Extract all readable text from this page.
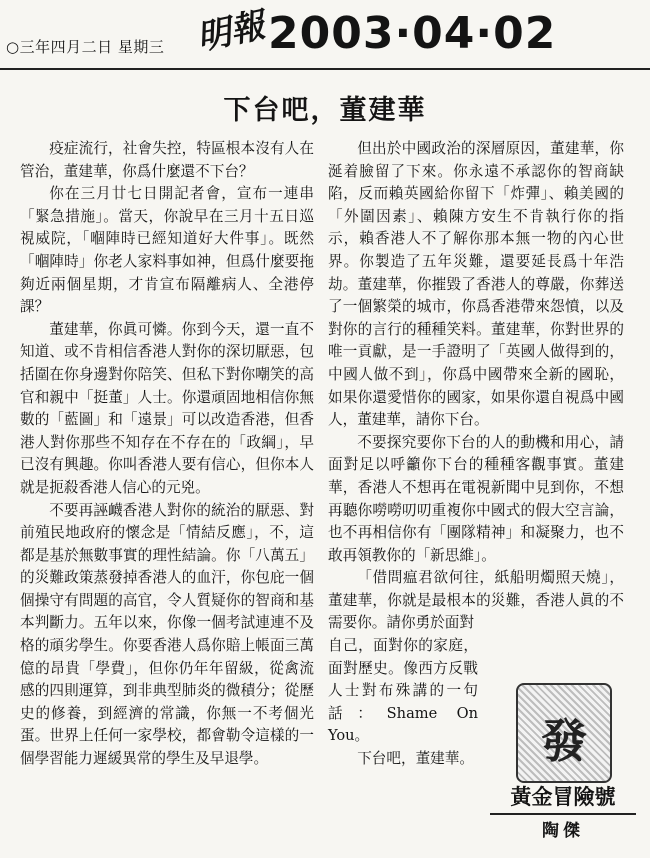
○三年四月二日 星期三 明報 2003·04·02
下台吧，董建華

疫症流行，社會失控，特區根本沒有人在管治，董建華，你爲什麼還不下台？

你在三月廿七日開記者會，宣布一連串「緊急措施」。當天，你說早在三月十五日巡視威院，「嗰陣時已經知道好大件事」。既然「嗰陣時」你老人家料事如神，但爲什麼要拖夠近兩個星期，才肯宣布隔離病人、全港停課？

董建華，你眞可憐。你到今天，還一直不知道、或不肯相信香港人對你的深切厭惡，包括圍在你身邊對你陪笑、但私下對你嘲笑的高官和親中「挺董」人士。你還頑固地相信你無數的「藍圖」和「遠景」可以改造香港，但香港人對你那些不知存在不存在的「政綱」，早已沒有興趣。你叫香港人要有信心，但你本人就是扼殺香港人信心的元兇。

不要再誣衊香港人對你的統治的厭惡、對前殖民地政府的懷念是「情結反應」，不，這都是基於無數事實的理性結論。你「八萬五」的災難政策蒸發掉香港人的血汗，你包庇一個個操守有問題的高官，令人質疑你的智商和基本判斷力。五年以來，你像一個考試連連不及格的頑劣學生。你要香港人爲你賠上帳面三萬億的昂貴「學費」，但你仍年年留級，從禽流感的四則運算，到非典型肺炎的微積分；從歷史的修養，到經濟的常識，你無一不考個光蛋。世界上任何一家學校，都會勒令這樣的一個學習能力遲緩異常的學生及早退學。

但出於中國政治的深層原因，董建華，你涎着臉留了下來。你永遠不承認你的智商缺陷，反而賴英國給你留下「炸彈」、賴美國的「外圍因素」、賴陳方安生不肯執行你的指示，賴香港人不了解你那本無一物的內心世界。你製造了五年災難，還要延長爲十年浩劫。董建華，你摧毀了香港人的尊嚴，你葬送了一個繁榮的城市，你爲香港帶來怨憤，以及對你的言行的種種笑料。董建華，你對世界的唯一貢獻，是一手證明了「英國人做得到的，中國人做不到」，你爲中國帶來全新的國恥，如果你還愛惜你的國家，如果你還自視爲中國人，董建華，請你下台。

不要探究要你下台的人的動機和用心，請面對足以呼籲你下台的種種客觀事實。董建華，香港人不想再在電視新聞中見到你，不想再聽你嘮嘮叨叨重複你中國式的假大空言論，也不再相信你有「團隊精神」和凝聚力，也不敢再領教你的「新思維」。

「借問瘟君欲何往，紙船明燭照天燒」，董建華，你就是最根本的災難，香港人眞的不需要你。請你勇於面對

自己，面對你的家庭，面對歷史。像西方反戰人士對布殊講的一句話：Shame On You。

下台吧，董建華。	發
黃金冒險號
陶傑
